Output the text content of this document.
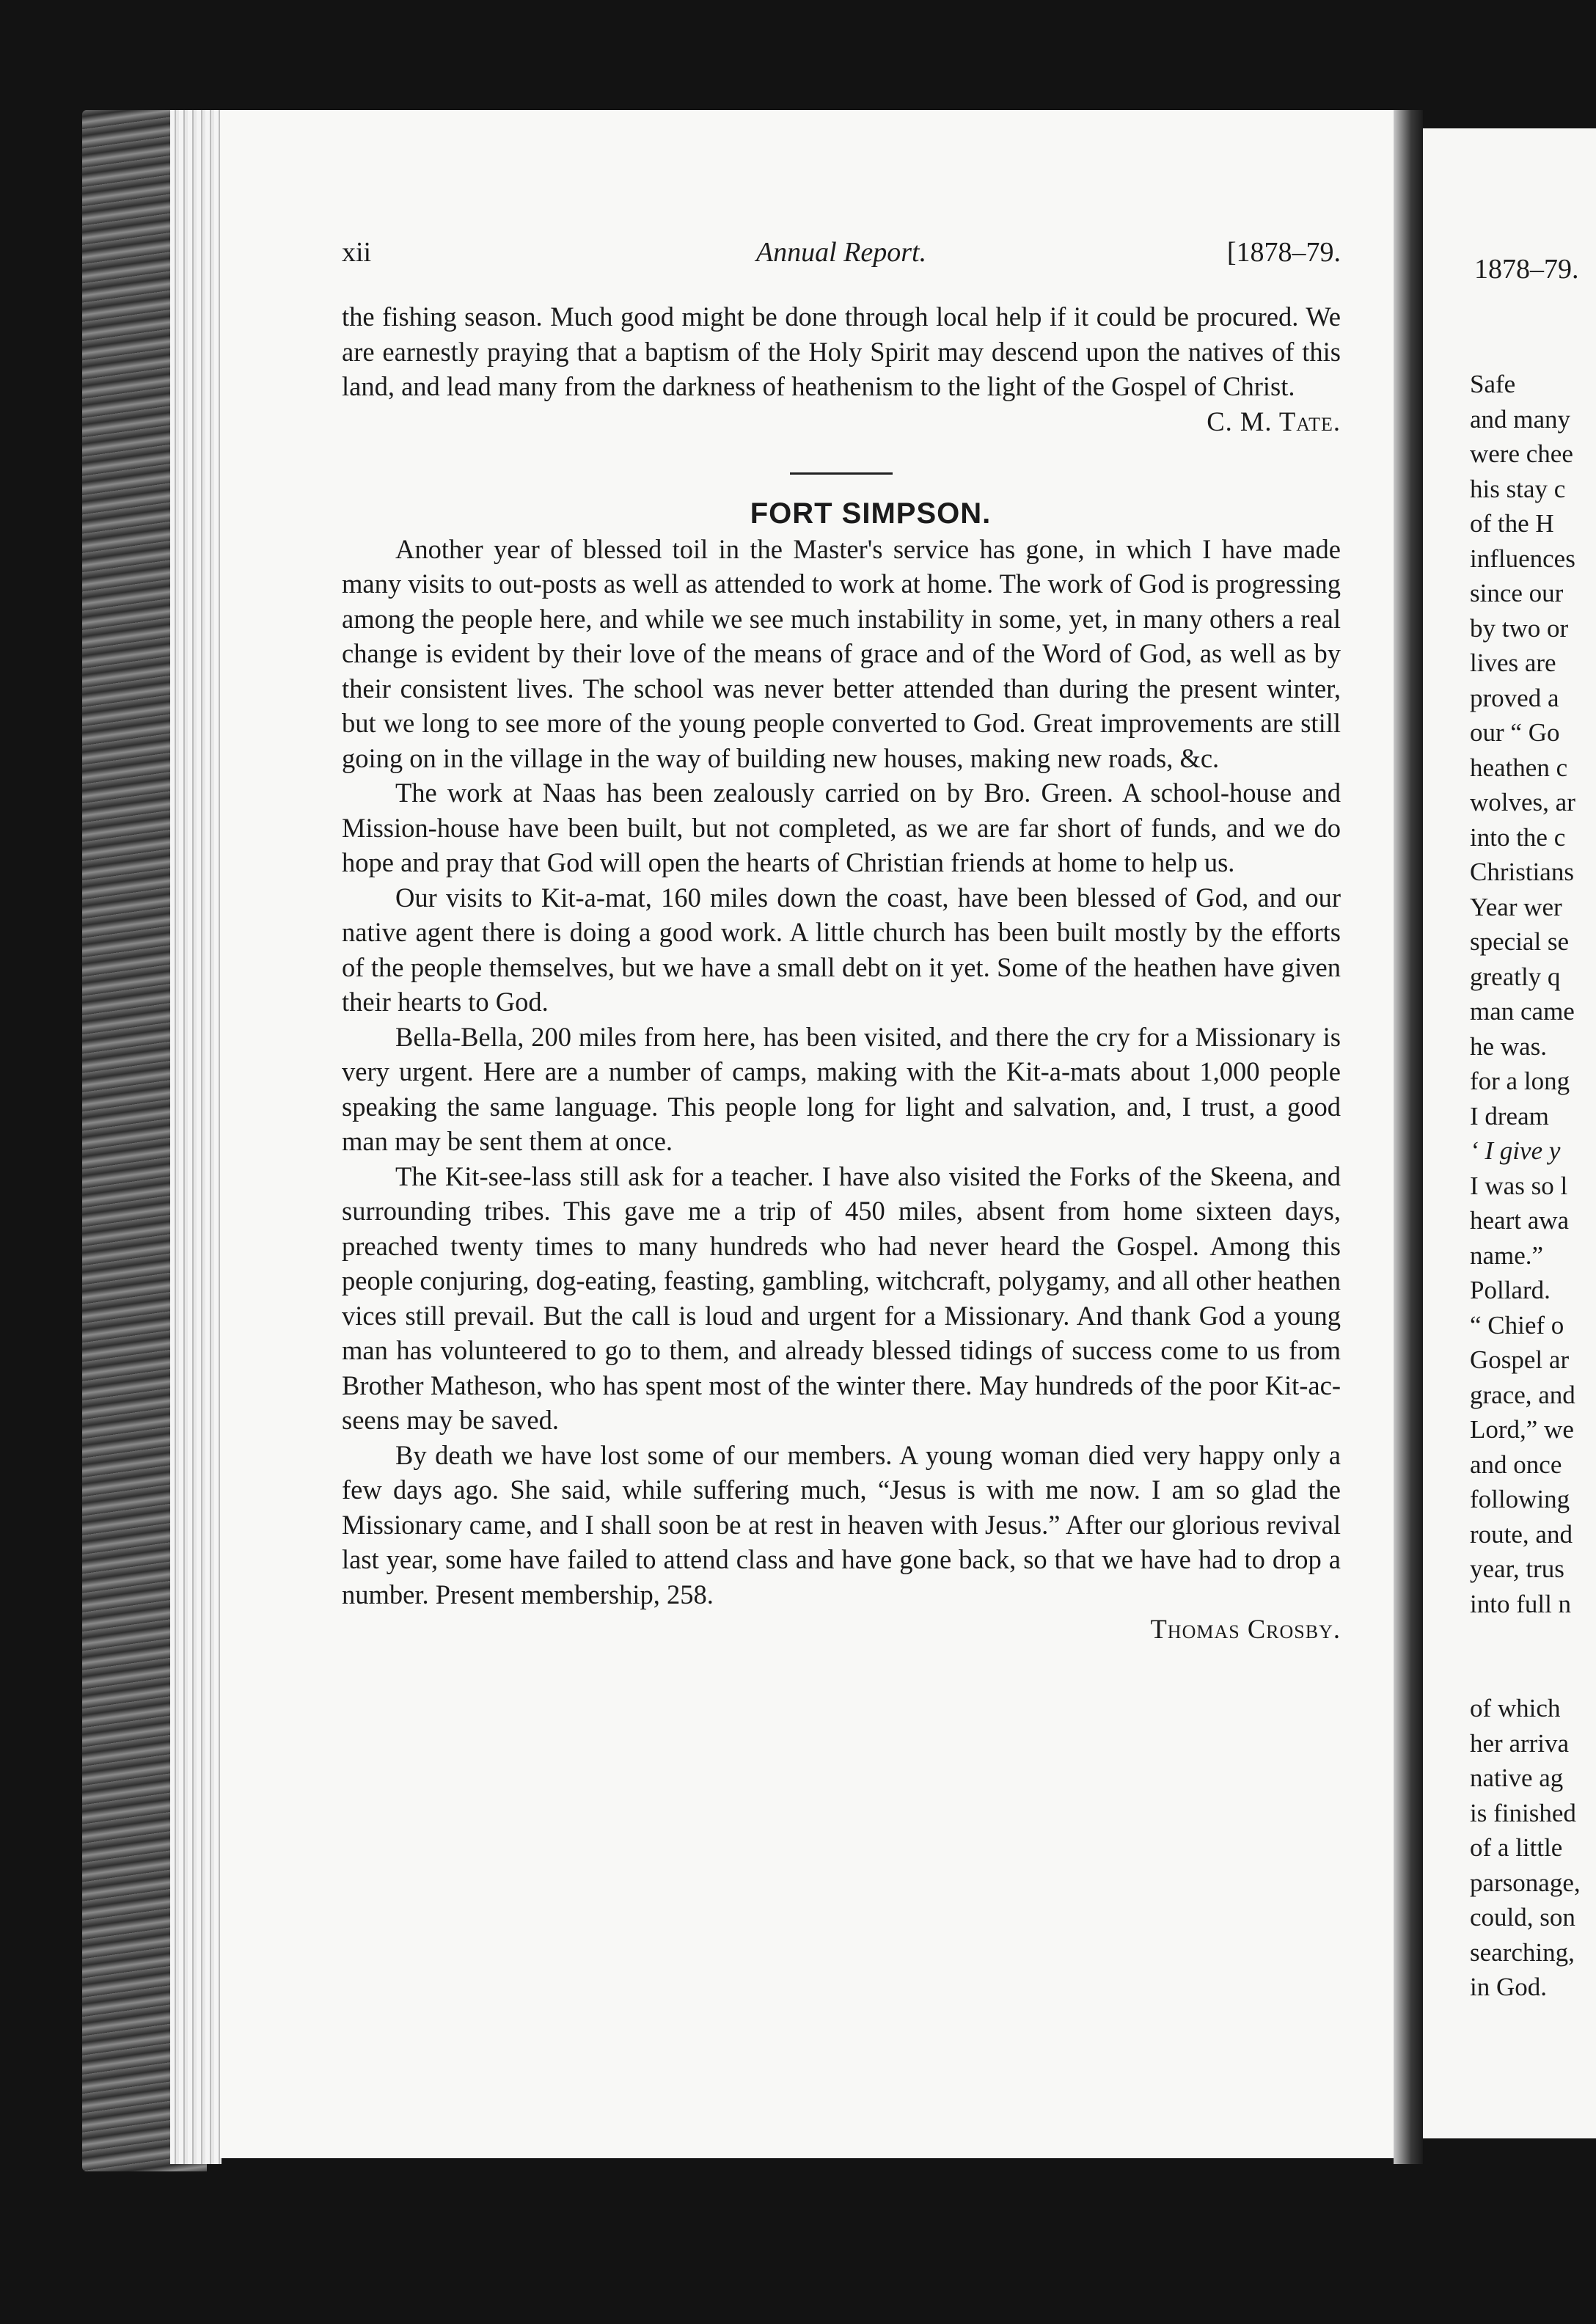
xii	Annual Report.	[1878–79.

the fishing season. Much good might be done through local help if it could be procured. We are earnestly praying that a baptism of the Holy Spirit may descend upon the natives of this land, and lead many from the darkness of heathenism to the light of the Gospel of Christ.

C. M. Tate.

FORT SIMPSON.

Another year of blessed toil in the Master's service has gone, in which I have made many visits to out-posts as well as attended to work at home. The work of God is progressing among the people here, and while we see much instability in some, yet, in many others a real change is evident by their love of the means of grace and of the Word of God, as well as by their consistent lives. The school was never better attended than during the present winter, but we long to see more of the young people converted to God. Great improvements are still going on in the village in the way of building new houses, making new roads, &c.

The work at Naas has been zealously carried on by Bro. Green. A school-house and Mission-house have been built, but not completed, as we are far short of funds, and we do hope and pray that God will open the hearts of Christian friends at home to help us.

Our visits to Kit-a-mat, 160 miles down the coast, have been blessed of God, and our native agent there is doing a good work. A little church has been built mostly by the efforts of the people themselves, but we have a small debt on it yet. Some of the heathen have given their hearts to God.

Bella-Bella, 200 miles from here, has been visited, and there the cry for a Missionary is very urgent. Here are a number of camps, making with the Kit-a-mats about 1,000 people speaking the same language. This people long for light and salvation, and, I trust, a good man may be sent them at once.

The Kit-see-lass still ask for a teacher. I have also visited the Forks of the Skeena, and surrounding tribes. This gave me a trip of 450 miles, absent from home sixteen days, preached twenty times to many hundreds who had never heard the Gospel. Among this people conjuring, dog-eating, feasting, gambling, witchcraft, polygamy, and all other heathen vices still prevail. But the call is loud and urgent for a Missionary. And thank God a young man has volunteered to go to them, and already blessed tidings of success come to us from Brother Matheson, who has spent most of the winter there. May hundreds of the poor Kit-ac-seens may be saved.

By death we have lost some of our members. A young woman died very happy only a few days ago. She said, while suffering much, “Jesus is with me now. I am so glad the Missionary came, and I shall soon be at rest in heaven with Jesus.” After our glorious revival last year, some have failed to attend class and have gone back, so that we have had to drop a number. Present membership, 258.

Thomas Crosby.

1878–79.
Safe
and many
were chee
his stay c
of the H
influences
since our
by two or
lives are
proved a
our “ Go
heathen c
wolves, ar
into the c
Christians
Year wer
special se
greatly q
man came
he was.
for a long
I dream
‘ I give y
I was so l
heart awa
name.”
Pollard.
“ Chief o
Gospel ar
grace, and
Lord,” we
and once
following
route, and
year, trus
into full n
of which
her arriva
native ag
is finished
of a little
parsonage,
could, son
searching,
in God.
